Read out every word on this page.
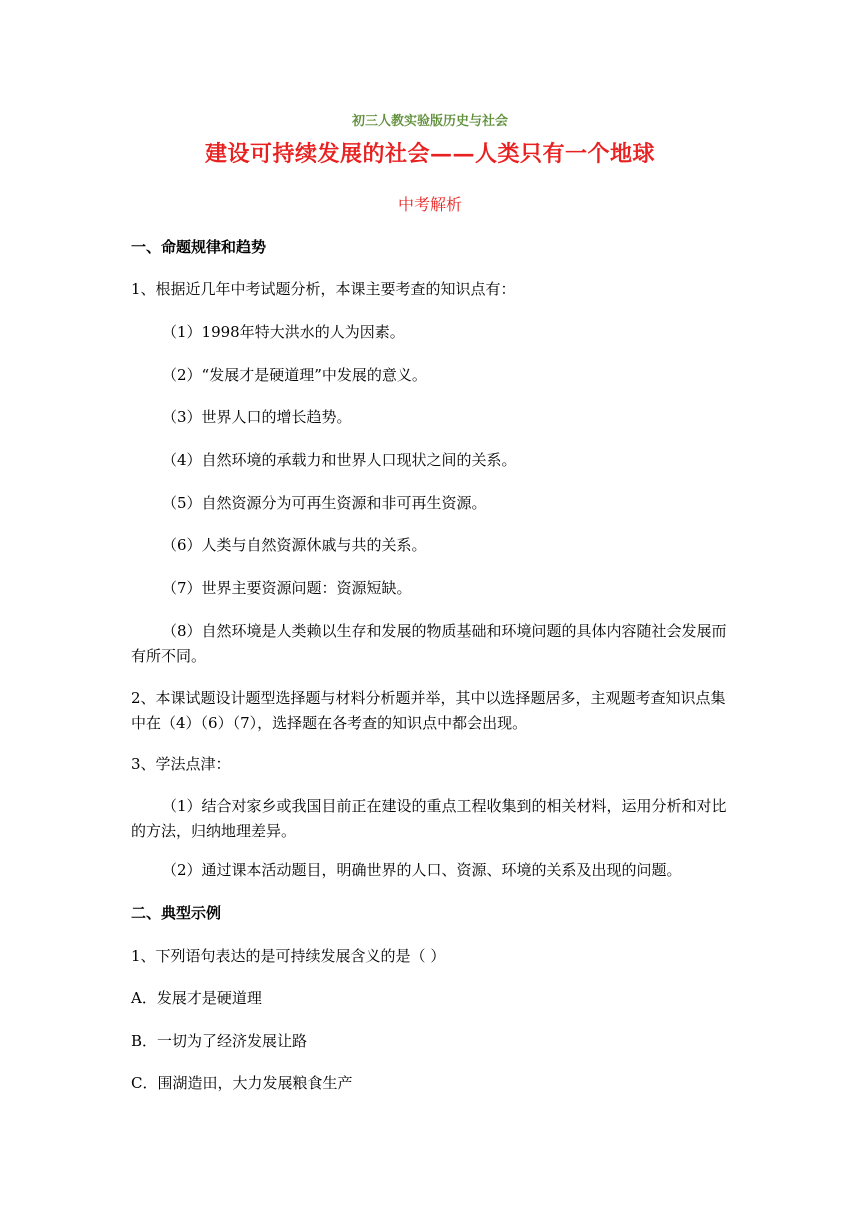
初三人教实验版历史与社会
建设可持续发展的社会——人类只有一个地球
中考解析
一、命题规律和趋势
1、根据近几年中考试题分析，本课主要考查的知识点有：
（1）1998年特大洪水的人为因素。
（2）“发展才是硬道理”中发展的意义。
（3）世界人口的增长趋势。
（4）自然环境的承载力和世界人口现状之间的关系。
（5）自然资源分为可再生资源和非可再生资源。
（6）人类与自然资源休戚与共的关系。
（7）世界主要资源问题：资源短缺。
（8）自然环境是人类赖以生存和发展的物质基础和环境问题的具体内容随社会发展而有所不同。
2、本课试题设计题型选择题与材料分析题并举，其中以选择题居多，主观题考查知识点集中在（4）（6）（7），选择题在各考查的知识点中都会出现。
3、学法点津：
（1）结合对家乡或我国目前正在建设的重点工程收集到的相关材料，运用分析和对比的方法，归纳地理差异。
（2）通过课本活动题目，明确世界的人口、资源、环境的关系及出现的问题。
二、典型示例
1、下列语句表达的是可持续发展含义的是（ ）
A．发展才是硬道理
B．一切为了经济发展让路
C．围湖造田，大力发展粮食生产
